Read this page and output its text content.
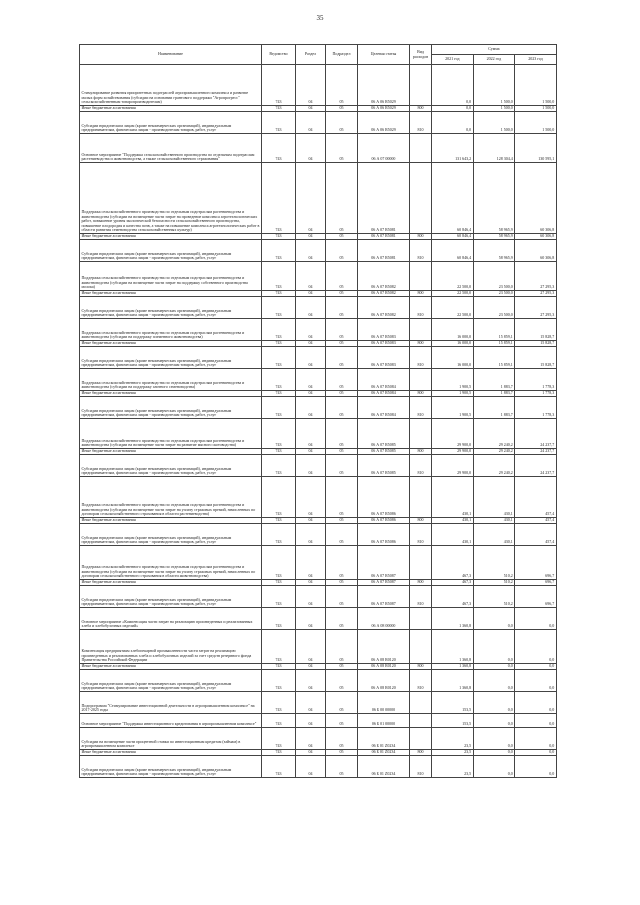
35
Наименование	Ведомство	Раздел	Подраздел	Целевая статья	Вид расходов	Сумма		
						2021 год	2022 год	2023 год
Стимулирование развития приоритетных подотраслей агропромышленного комплекса и развитие малых форм хозяйствования (субсидии на основании грантового поддержки "Агропрогресс" сельскохозяйственным товаропроизводителям)	743	04	05	06 А 06 R5029		0,0	1 500,0	1 500,0
Иные бюджетные ассигнования	743	04	05	06 А 06 R5029	800	0,0	1 500,0	1 500,0
Субсидии юридическим лицам (кроме некоммерческих организаций), индивидуальным предпринимателям, физическим лицам - производителям товаров, работ, услуг	743	04	05	06 А 06 R5029	810	0,0	1 500,0	1 500,0
Основное мероприятие "Поддержка сельскохозяйственного производства по отдельным подотраслям растениеводства и животноводства, а также сельскохозяйственного страхования"	743	04	05	06 А 07 00000		131 643,2	128 304,4	130 595,1
Поддержка сельскохозяйственного производства по отдельным подотраслям растениеводства и животноводства (субсидии на возмещение части затрат на проведение комплекса агротехнологических работ, повышение уровня экологической безопасности сельскохозяйственного производства, повышение плодородия и качества почв, а также на повышение комплекса агротехнологических работ в области развития семеноводства сельскохозяйственных культур)	743	04	05	06 А 07 R5081		60 846,4	58 965,9	60 306,8
Иные бюджетные ассигнования	743	04	05	06 А 07 R5081	800	60 846,4	58 965,9	60 306,8
Субсидии юридическим лицам (кроме некоммерческих организаций), индивидуальным предпринимателям, физическим лицам - производителям товаров, работ, услуг	743	04	05	06 А 07 R5081	810	60 846,4	58 965,9	60 306,8
Поддержка сельскохозяйственного производства по отдельным подотраслям растениеводства и животноводства (субсидии на возмещение части затрат на поддержку собственного производства молока)	743	04	05	06 А 07 R5082		22 500,0	23 500,0	27 295,3
Иные бюджетные ассигнования	743	04	05	06 А 07 R5082	800	22 500,0	23 500,0	27 295,3
Субсидии юридическим лицам (кроме некоммерческих организаций), индивидуальным предпринимателям, физическим лицам - производителям товаров, работ, услуг	743	04	05	06 А 07 R5082	810	22 500,0	23 500,0	27 295,3
Поддержка сельскохозяйственного производства по отдельным подотраслям растениеводства и животноводства (субсидии на поддержку племенного животноводства)	743	04	05	06 А 07 R5083		16 000,0	15 859,1	15 828,7
Иные бюджетные ассигнования	743	04	05	06 А 07 R5083	800	16 000,0	15 859,1	15 828,7
Субсидии юридическим лицам (кроме некоммерческих организаций), индивидуальным предпринимателям, физическим лицам - производителям товаров, работ, услуг	743	04	05	06 А 07 R5083	810	16 000,0	15 859,1	15 828,7
Поддержка сельскохозяйственного производства по отдельным подотраслям растениеводства и животноводства (субсидии на поддержку элитного семеноводства)	743	04	05	06 А 07 R5084		1 900,5	1 883,7	1 778,3
Иные бюджетные ассигнования	743	04	05	06 А 07 R5084	800	1 900,5	1 883,7	1 778,3
Субсидии юридическим лицам (кроме некоммерческих организаций), индивидуальным предпринимателям, физическим лицам - производителям товаров, работ, услуг	743	04	05	06 А 07 R5084	810	1 900,5	1 883,7	1 778,3
Поддержка сельскохозяйственного производства по отдельным подотраслям растениеводства и животноводства (субсидии на возмещение части затрат на развитие мясного скотоводства)	743	04	05	06 А 07 R5085		29 900,0	29 240,2	24 237,7
Иные бюджетные ассигнования	743	04	05	06 А 07 R5085	800	29 900,0	29 240,2	24 237,7
Субсидии юридическим лицам (кроме некоммерческих организаций), индивидуальным предпринимателям, физическим лицам - производителям товаров, работ, услуг	743	04	05	06 А 07 R5085	810	29 900,0	29 240,2	24 237,7
Поддержка сельскохозяйственного производства по отдельным подотраслям растениеводства и животноводства (субсидии на возмещение части затрат на уплату страховых премий, начисленных по договорам сельскохозяйственного страхования в области растениеводства)	743	04	05	06 А 07 R5086		430,1	430,1	457,4
Иные бюджетные ассигнования	743	04	05	06 А 07 R5086	800	430,1	430,1	457,4
Субсидии юридическим лицам (кроме некоммерческих организаций), индивидуальным предпринимателям, физическим лицам - производителям товаров, работ, услуг	743	04	05	06 А 07 R5086	810	430,1	430,1	457,4
Поддержка сельскохозяйственного производства по отдельным подотраслям растениеводства и животноводства (субсидии на возмещение части затрат на уплату страховых премий, начисленных по договорам сельскохозяйственного страхования в области животноводства)	743	04	05	06 А 07 R5087		467,3	510,2	696,7
Иные бюджетные ассигнования	743	04	05	06 А 07 R5087	800	467,3	510,2	696,7
Субсидии юридическим лицам (кроме некоммерческих организаций), индивидуальным предпринимателям, физическим лицам - производителям товаров, работ, услуг	743	04	05	06 А 07 R5087	810	467,3	510,2	696,7
Основное мероприятие «Компенсация части затрат на реализацию произведенных и реализованных хлеба и хлебобулочных изделий»	743	04	05	06 А 08 00000		1 360,8	0,0	0,0
Компенсация предприятиям хлебопекарной промышленности части затрат на реализацию произведенных и реализованных хлеба и хлебобулочных изделий за счет средств резервного фонда Правительства Российской Федерации	743	04	05	06 А 08 R0120		1 360,8	0,0	0,0
Иные бюджетные ассигнования	743	04	05	06 А 08 R0120	800	1 360,8	0,0	0,0
Субсидии юридическим лицам (кроме некоммерческих организаций), индивидуальным предпринимателям, физическим лицам - производителям товаров, работ, услуг	743	04	05	06 А 08 R0120	810	1 360,8	0,0	0,0
Подпрограмма "Стимулирование инвестиционной деятельности в агропромышленном комплексе" на 2017-2025 годы	743	04	05	06 Б 00 00000		153,5	0,0	0,0
Основное мероприятие "Поддержка инвестиционного кредитования в агропромышленном комплексе"	743	04	05	06 Б 01 00000		153,5	0,0	0,0
Субсидии на возмещение части процентной ставки по инвестиционным кредитам (займам) в агропромышленном комплексе	743	04	05	06 Б 01 Z0234		23,5	0,0	0,0
Иные бюджетные ассигнования	743	04	05	06 Б 01 Z0234	800	23,5	0,0	0,0
Субсидии юридическим лицам (кроме некоммерческих организаций), индивидуальным предпринимателям, физическим лицам - производителям товаров, работ, услуг	743	04	05	06 Б 01 Z0234	810	23,5	0,0	0,0
